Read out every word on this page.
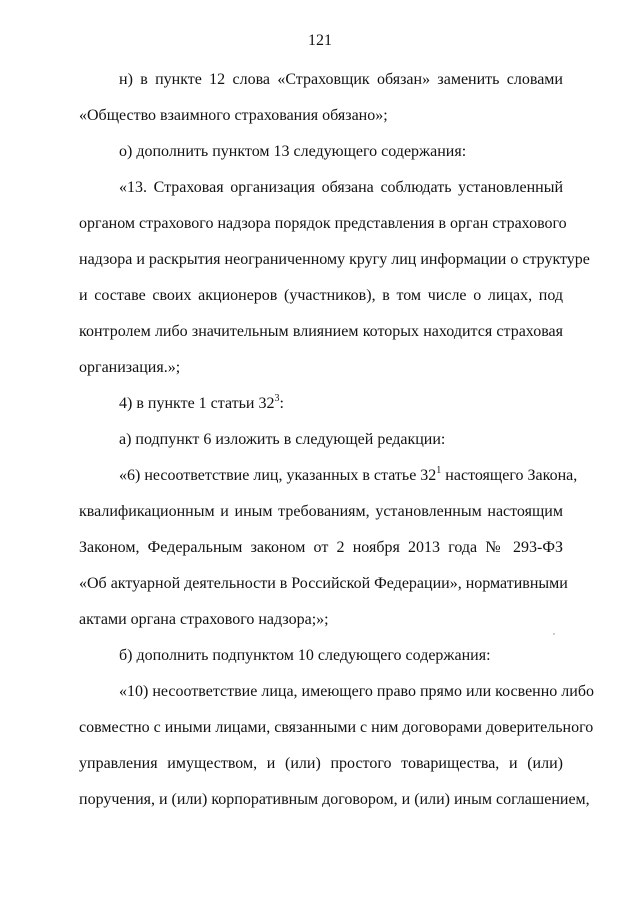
121
н) в пункте 12 слова «Страховщик обязан» заменить словами
«Общество взаимного страхования обязано»;
о) дополнить пунктом 13 следующего содержания:
«13. Страховая организация обязана соблюдать установленный
органом страхового надзора порядок представления в орган страхового
надзора и раскрытия неограниченному кругу лиц информации о структуре
и составе своих акционеров (участников), в том числе о лицах, под
контролем либо значительным влиянием которых находится страховая
организация.»;
4) в пункте 1 статьи $32^3$:
а) подпункт 6 изложить в следующей редакции:
«6) несоответствие лиц, указанных в статье $32^1$ настоящего Закона,
квалификационным и иным требованиям, установленным настоящим
Законом, Федеральным законом от 2 ноября 2013 года № 293-ФЗ
«Об актуарной деятельности в Российской Федерации», нормативными
актами органа страхового надзора;»;
б) дополнить подпунктом 10 следующего содержания:
«10) несоответствие лица, имеющего право прямо или косвенно либо
совместно с иными лицами, связанными с ним договорами доверительного
управления имуществом, и (или) простого товарищества, и (или)
поручения, и (или) корпоративным договором, и (или) иным соглашением,
